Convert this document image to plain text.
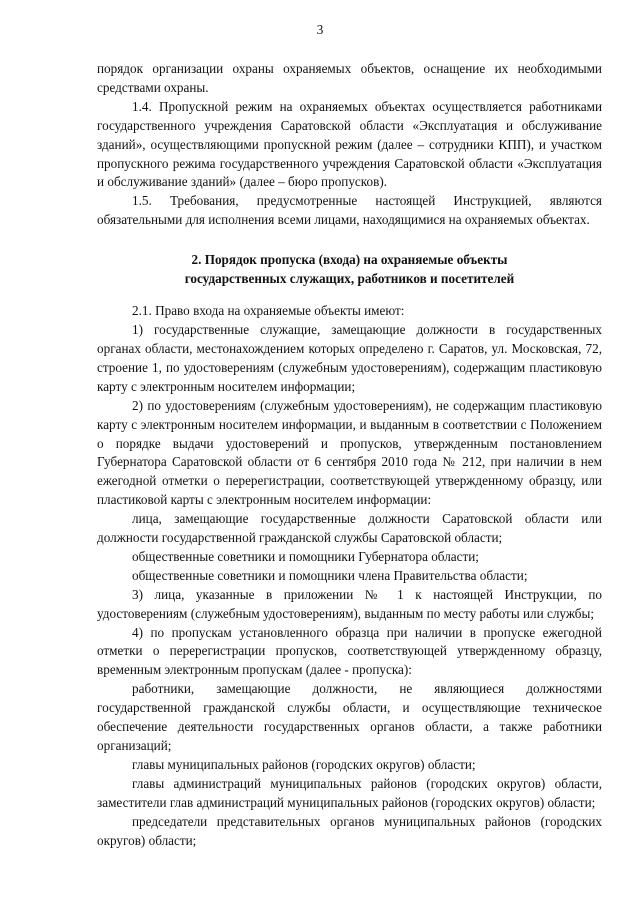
3

порядок организации охраны охраняемых объектов, оснащение их необходимыми средствами охраны.

1.4. Пропускной режим на охраняемых объектах осуществляется работниками государственного учреждения Саратовской области «Эксплуатация и обслуживание зданий», осуществляющими пропускной режим (далее – сотрудники КПП), и участком пропускного режима государственного учреждения Саратовской области «Эксплуатация и обслуживание зданий» (далее – бюро пропусков).

1.5. Требования, предусмотренные настоящей Инструкцией, являются обязательными для исполнения всеми лицами, находящимися на охраняемых объектах.

2. Порядок пропуска (входа) на охраняемые объекты
государственных служащих, работников и посетителей

2.1. Право входа на охраняемые объекты имеют:

1) государственные служащие, замещающие должности в государственных органах области, местонахождением которых определено г. Саратов, ул. Московская, 72, строение 1, по удостоверениям (служебным удостоверениям), содержащим пластиковую карту с электронным носителем информации;

2) по удостоверениям (служебным удостоверениям), не содержащим пластиковую карту с электронным носителем информации, и выданным в соответствии с Положением о порядке выдачи удостоверений и пропусков, утвержденным постановлением Губернатора Саратовской области от 6 сентября 2010 года № 212, при наличии в нем ежегодной отметки о перерегистрации, соответствующей утвержденному образцу, или пластиковой карты с электронным носителем информации:

лица, замещающие государственные должности Саратовской области или должности государственной гражданской службы Саратовской области;

общественные советники и помощники Губернатора области;

общественные советники и помощники члена Правительства области;

3) лица, указанные в приложении № 1 к настоящей Инструкции, по удостоверениям (служебным удостоверениям), выданным по месту работы или службы;

4) по пропускам установленного образца при наличии в пропуске ежегодной отметки о перерегистрации пропусков, соответствующей утвержденному образцу, временным электронным пропускам (далее - пропуска):

работники, замещающие должности, не являющиеся должностями государственной гражданской службы области, и осуществляющие техническое обеспечение деятельности государственных органов области, а также работники организаций;

главы муниципальных районов (городских округов) области;

главы администраций муниципальных районов (городских округов) области, заместители глав администраций муниципальных районов (городских округов) области;

председатели представительных органов муниципальных районов (городских округов) области;
